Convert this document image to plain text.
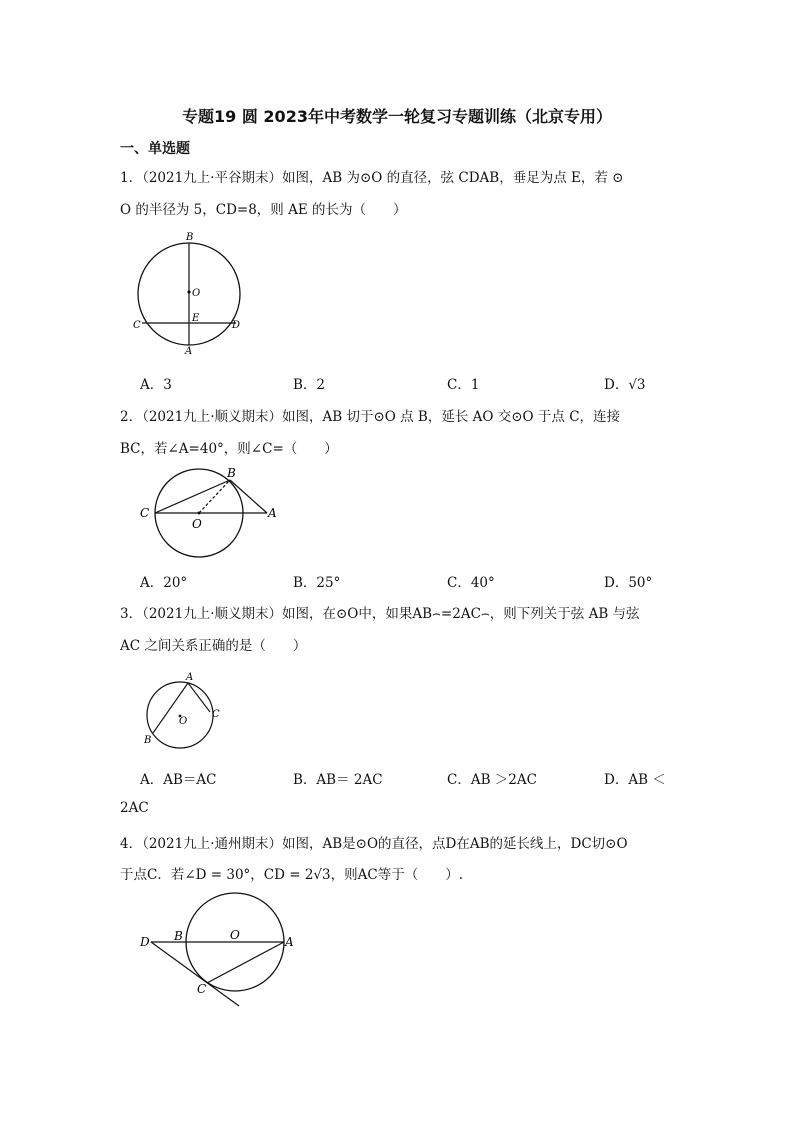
专题19 圆 2023年中考数学一轮复习专题训练（北京专用）
一、单选题
1．（2021九上·平谷期末）如图，AB 为⊙O 的直径，弦 CDAB，垂足为点 E，若 ⊙
O 的半径为 5，CD=8，则 AE 的长为（　　）
B
O
C
E
D
A
A．3	B．2	C．1	D．√3
2．（2021九上·顺义期末）如图，AB 切于⊙O 点 B，延长 AO 交⊙O 于点 C，连接
BC，若∠A=40°，则∠C=（　　）
B
C
O
A
A．20°	B．25°	C．40°	D．50°
3．（2021九上·顺义期末）如图，在⊙O中，如果AB⌢=2AC⌢，则下列关于弦 AB 与弦
AC 之间关系正确的是（　　）
A
C
O
B
A．AB＝AC	B．AB＝ 2AC	C．AB ＞2AC	D．AB ＜
2AC
4．（2021九上·通州期末）如图，AB是⊙O的直径，点D在AB的延长线上，DC切⊙O
于点C．若∠D = 30°，CD = 2√3，则AC等于（　　）.
D B	O	A
C
